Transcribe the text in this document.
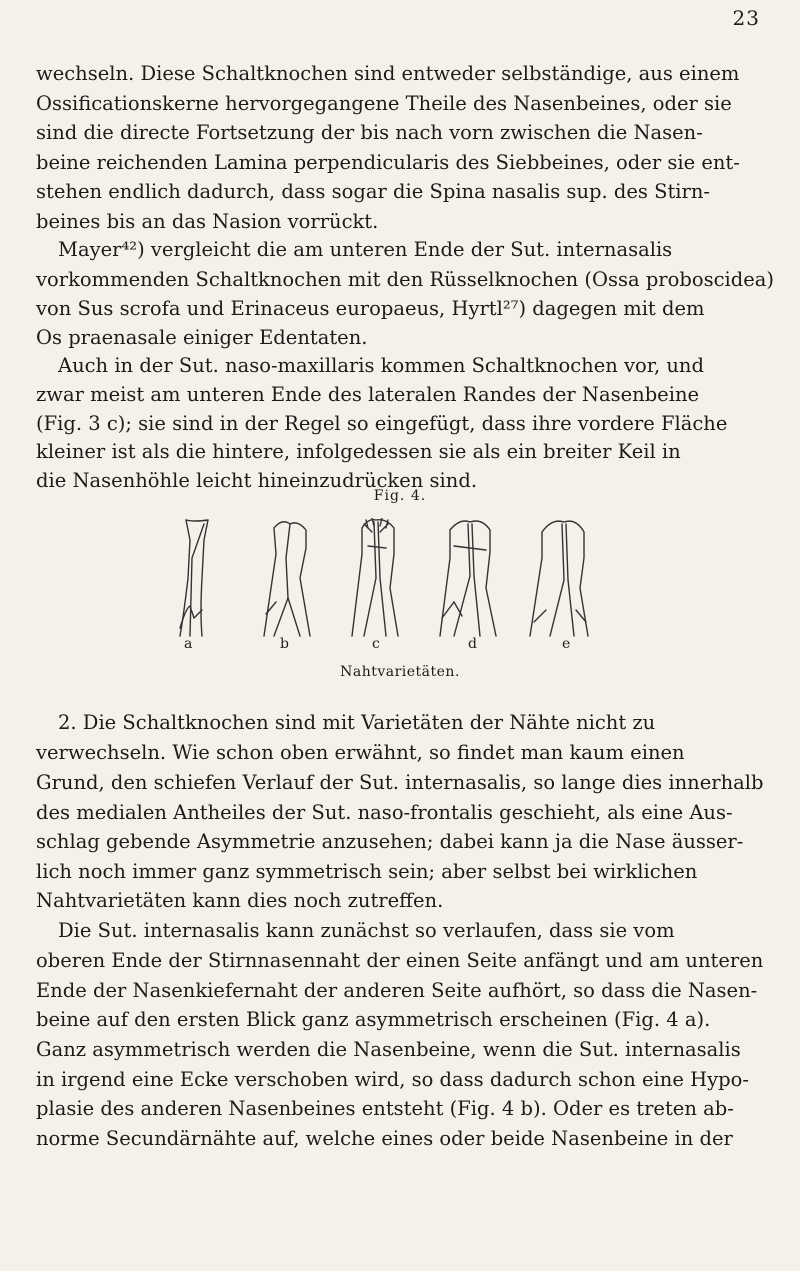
23
wechseln. Diese Schaltknochen sind entweder selbständige, aus einem
Ossificationskerne hervorgegangene Theile des Nasenbeines, oder sie
sind die directe Fortsetzung der bis nach vorn zwischen die Nasen-
beine reichenden Lamina perpendicularis des Siebbeines, oder sie ent-
stehen endlich dadurch, dass sogar die Spina nasalis sup. des Stirn-
beines bis an das Nasion vorrückt.
Mayer⁴²) vergleicht die am unteren Ende der Sut. internasalis
vorkommenden Schaltknochen mit den Rüsselknochen (Ossa proboscidea)
von Sus scrofa und Erinaceus europaeus, Hyrtl²⁷) dagegen mit dem
Os praenasale einiger Edentaten.
Auch in der Sut. naso-maxillaris kommen Schaltknochen vor, und
zwar meist am unteren Ende des lateralen Randes der Nasenbeine
(Fig. 3 c); sie sind in der Regel so eingefügt, dass ihre vordere Fläche
kleiner ist als die hintere, infolgedessen sie als ein breiter Keil in
die Nasenhöhle leicht hineinzudrücken sind.
Fig. 4.
a	b	c	d	e
Nahtvarietäten.
2. Die Schaltknochen sind mit Varietäten der Nähte nicht zu
verwechseln. Wie schon oben erwähnt, so findet man kaum einen
Grund, den schiefen Verlauf der Sut. internasalis, so lange dies innerhalb
des medialen Antheiles der Sut. naso-frontalis geschieht, als eine Aus-
schlag gebende Asymmetrie anzusehen; dabei kann ja die Nase äusser-
lich noch immer ganz symmetrisch sein; aber selbst bei wirklichen
Nahtvarietäten kann dies noch zutreffen.
Die Sut. internasalis kann zunächst so verlaufen, dass sie vom
oberen Ende der Stirnnasennaht der einen Seite anfängt und am unteren
Ende der Nasenkiefernaht der anderen Seite aufhört, so dass die Nasen-
beine auf den ersten Blick ganz asymmetrisch erscheinen (Fig. 4 a).
Ganz asymmetrisch werden die Nasenbeine, wenn die Sut. internasalis
in irgend eine Ecke verschoben wird, so dass dadurch schon eine Hypo-
plasie des anderen Nasenbeines entsteht (Fig. 4 b). Oder es treten ab-
norme Secundärnähte auf, welche eines oder beide Nasenbeine in der
